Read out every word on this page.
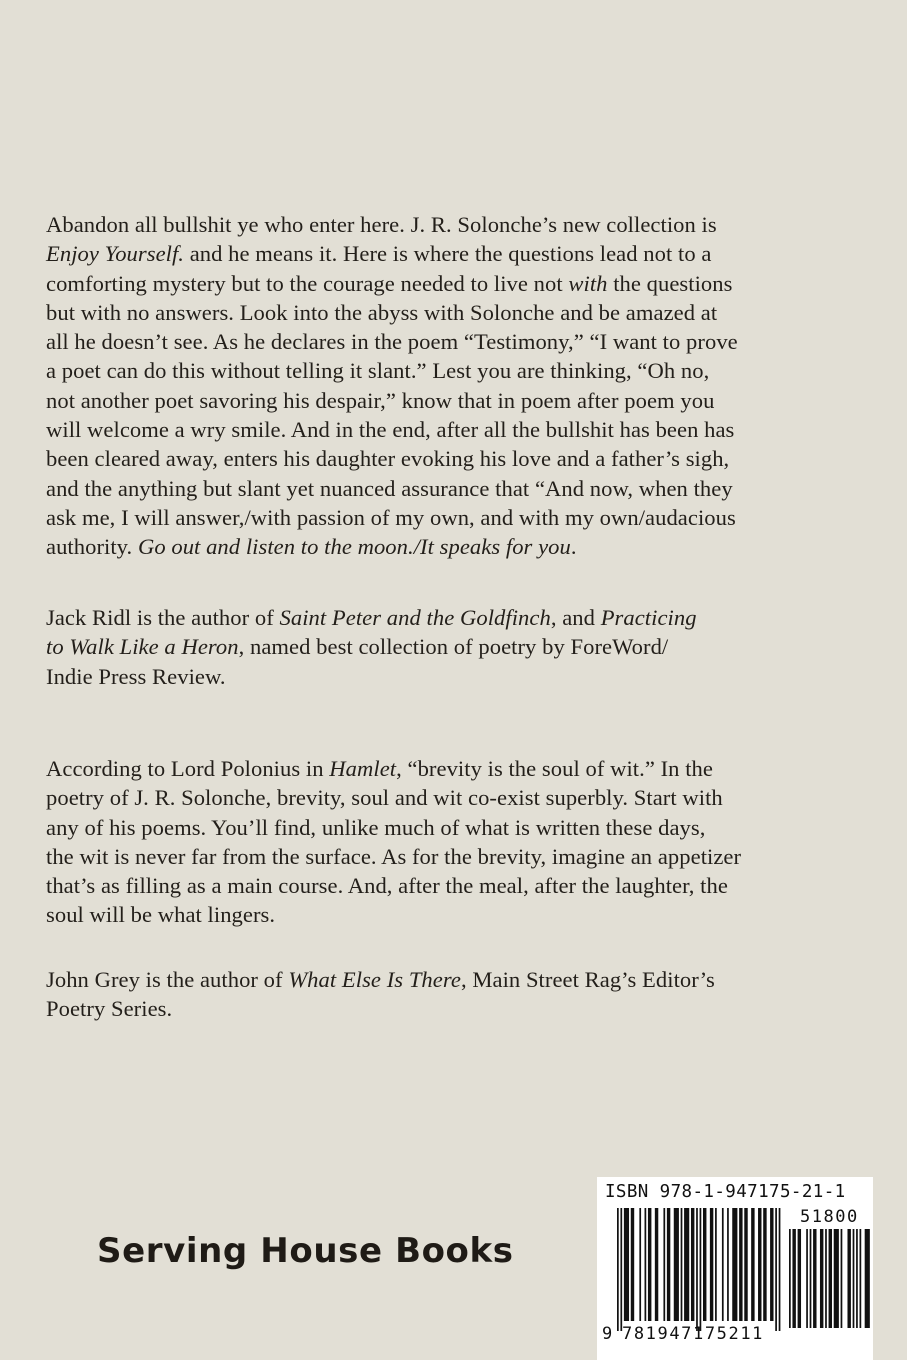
Abandon all bullshit ye who enter here. J. R. Solonche’s new collection is
Enjoy Yourself. and he means it. Here is where the questions lead not to a
comforting mystery but to the courage needed to live not with the questions
but with no answers. Look into the abyss with Solonche and be amazed at
all he doesn’t see. As he declares in the poem “Testimony,” “I want to prove
a poet can do this without telling it slant.” Lest you are thinking, “Oh no,
not another poet savoring his despair,” know that in poem after poem you
will welcome a wry smile. And in the end, after all the bullshit has been has
been cleared away, enters his daughter evoking his love and a father’s sigh,
and the anything but slant yet nuanced assurance that “And now, when they
ask me, I will answer,/with passion of my own, and with my own/audacious
authority. Go out and listen to the moon./It speaks for you.

Jack Ridl is the author of Saint Peter and the Goldfinch, and Practicing
to Walk Like a Heron, named best collection of poetry by ForeWord/
Indie Press Review.

According to Lord Polonius in Hamlet, “brevity is the soul of wit.” In the
poetry of J. R. Solonche, brevity, soul and wit co-exist superbly. Start with
any of his poems. You’ll find, unlike much of what is written these days,
the wit is never far from the surface. As for the brevity, imagine an appetizer
that’s as filling as a main course. And, after the meal, after the laughter, the
soul will be what lingers.

John Grey is the author of What Else Is There, Main Street Rag’s Editor’s
Poetry Series.

Serving House Books
ISBN 978-1-947175-21-1
51800
9 781947175211
